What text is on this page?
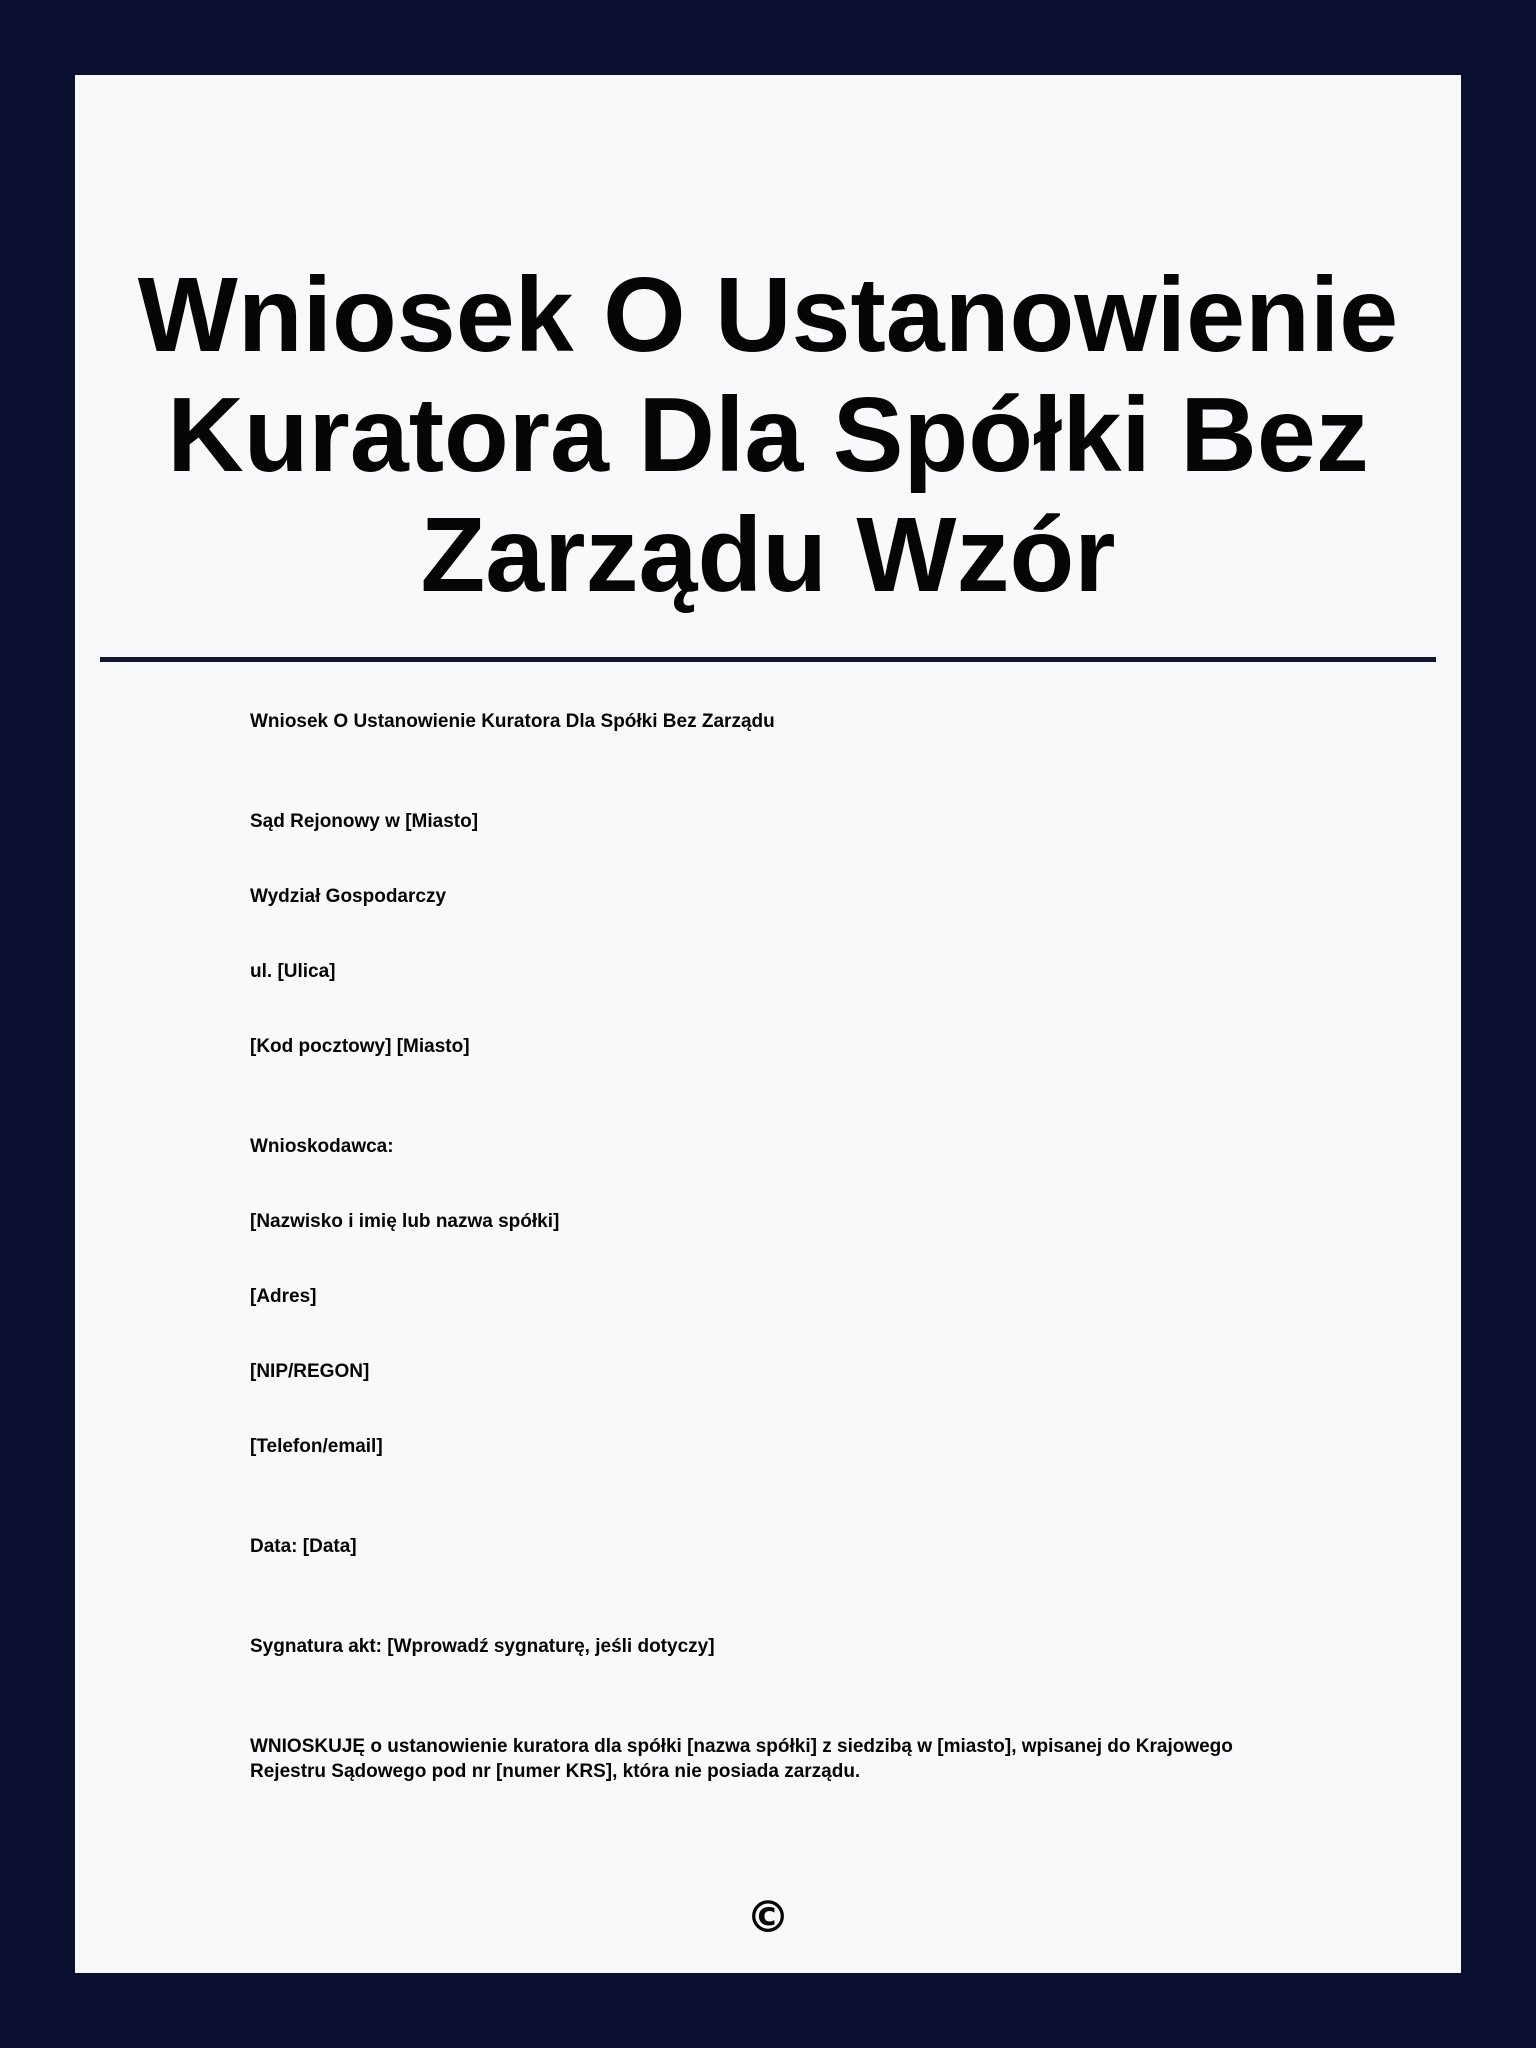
Wniosek O Ustanowienie Kuratora Dla Spółki Bez Zarządu Wzór

Wniosek O Ustanowienie Kuratora Dla Spółki Bez Zarządu

Sąd Rejonowy w [Miasto]

Wydział Gospodarczy

ul. [Ulica]

[Kod pocztowy] [Miasto]

Wnioskodawca:

[Nazwisko i imię lub nazwa spółki]

[Adres]

[NIP/REGON]

[Telefon/email]

Data: [Data]

Sygnatura akt: [Wprowadź sygnaturę, jeśli dotyczy]

WNIOSKUJĘ o ustanowienie kuratora dla spółki [nazwa spółki] z siedzibą w [miasto], wpisanej do Krajowego Rejestru Sądowego pod nr [numer KRS], która nie posiada zarządu.

©
